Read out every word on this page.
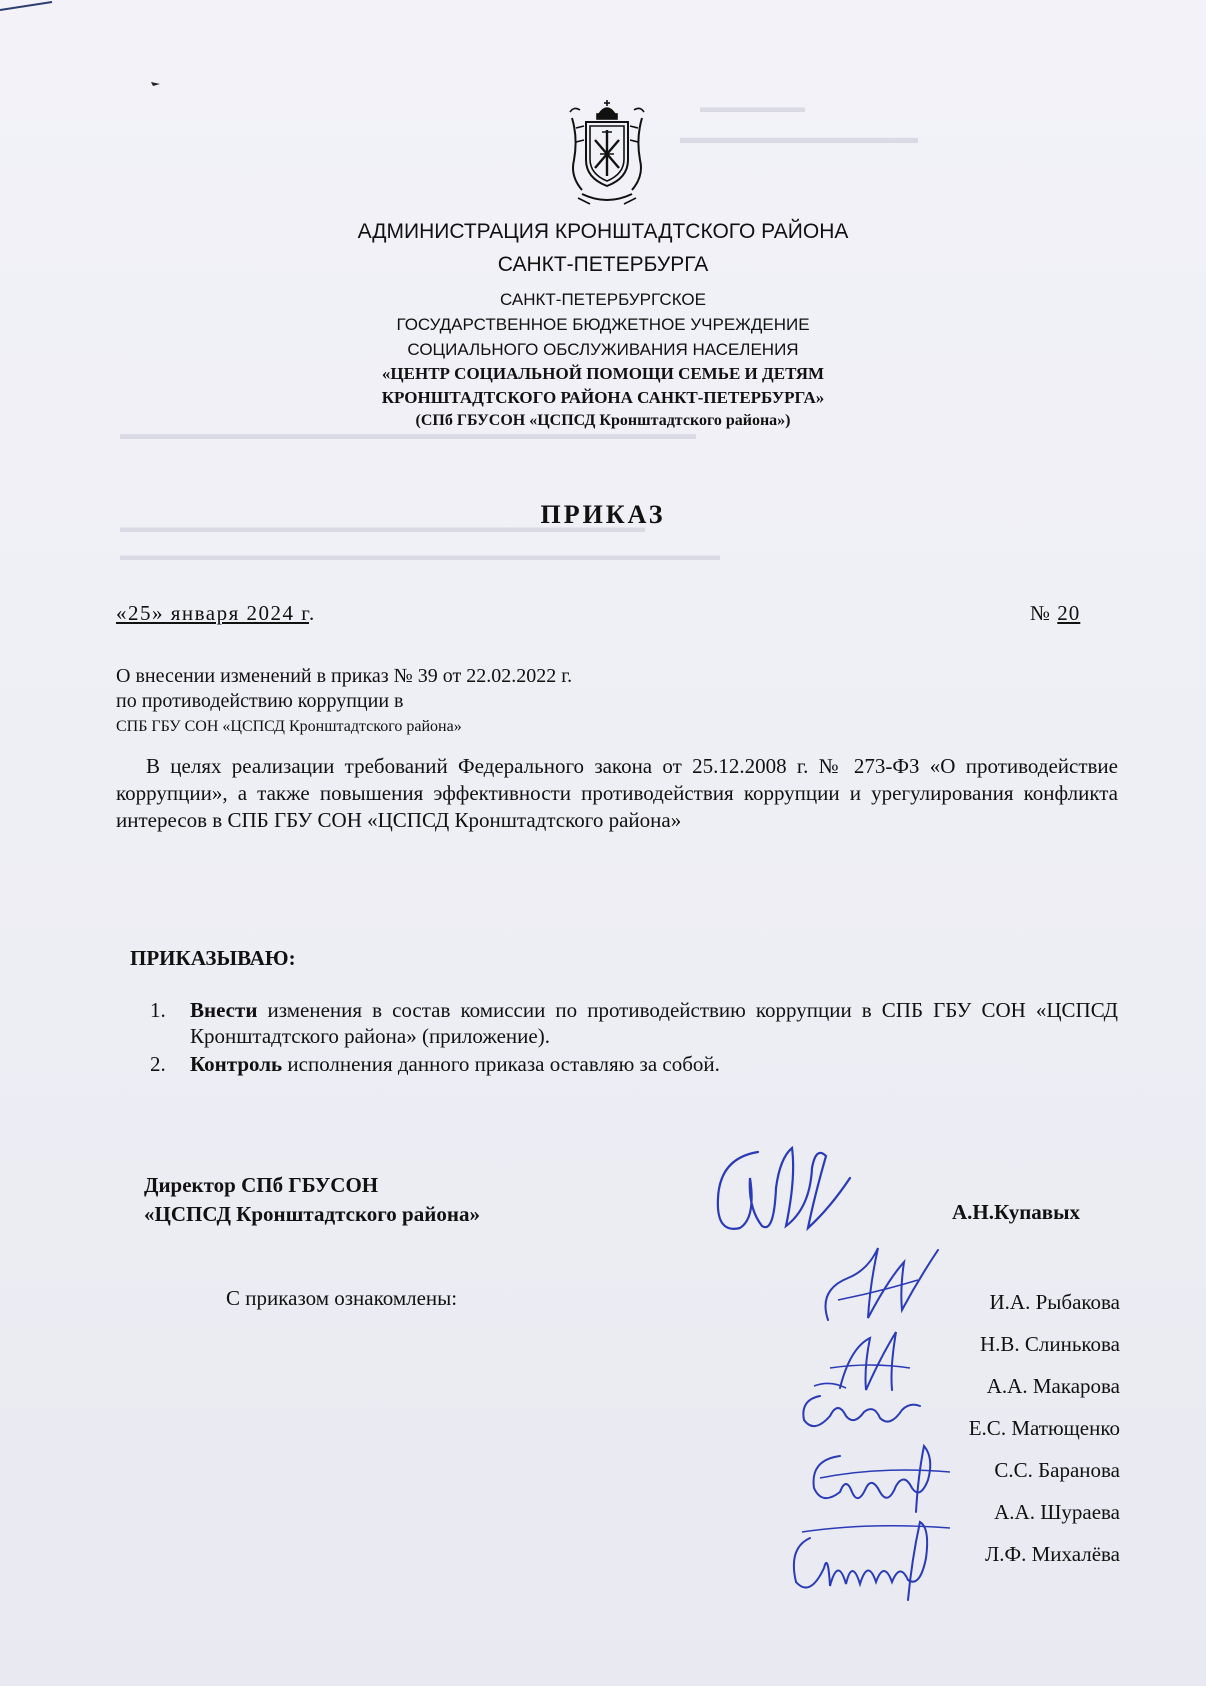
▬▬▬▬▬▬▬
▬▬▬▬▬▬▬▬▬▬▬▬▬▬
▬▬▬▬▬▬▬▬▬▬▬▬▬▬▬▬▬▬▬▬▬▬▬▬▬▬▬▬▬▬▬▬▬▬▬▬
▬▬▬▬▬▬▬▬▬▬▬▬▬▬▬▬▬▬▬▬▬▬▬▬▬▬▬▬▬▬▬▬▬▬▬
▬▬▬▬▬▬▬▬▬▬▬▬▬▬▬▬▬▬▬▬▬▬▬▬▬▬▬▬▬▬▬▬▬▬▬▬▬▬▬▬
АДМИНИСТРАЦИЯ КРОНШТАДТСКОГО РАЙОНА
САНКТ-ПЕТЕРБУРГА
САНКТ-ПЕТЕРБУРГСКОЕ
ГОСУДАРСТВЕННОЕ БЮДЖЕТНОЕ УЧРЕЖДЕНИЕ
СОЦИАЛЬНОГО ОБСЛУЖИВАНИЯ НАСЕЛЕНИЯ
«ЦЕНТР СОЦИАЛЬНОЙ ПОМОЩИ СЕМЬЕ И ДЕТЯМ
КРОНШТАДТСКОГО РАЙОНА САНКТ-ПЕТЕРБУРГА»
(СПб ГБУСОН «ЦСПСД Кронштадтского района»)
ПРИКАЗ
«25» января 2024 г.	№ 20
О внесении изменений в приказ № 39 от 22.02.2022 г.
по противодействию коррупции в
СПБ ГБУ СОН «ЦСПСД Кронштадтского района»
В целях реализации требований Федерального закона от 25.12.2008 г. № 273-ФЗ «О противодействие коррупции», а также повышения эффективности противодействия коррупции и урегулирования конфликта интересов в СПБ ГБУ СОН «ЦСПСД Кронштадтского района»
ПРИКАЗЫВАЮ:
1.	Внести изменения в состав комиссии по противодействию коррупции в СПБ ГБУ СОН «ЦСПСД Кронштадтского района» (приложение).
2.	Контроль исполнения данного приказа оставляю за собой.
Директор СПб ГБУСОН
«ЦСПСД Кронштадтского района»	А.Н.Купавых
С приказом ознакомлены:	И.А. Рыбакова
Н.В. Слинькова
А.А. Макарова
Е.С. Матющенко
С.С. Баранова
А.А. Шураева
Л.Ф. Михалёва
